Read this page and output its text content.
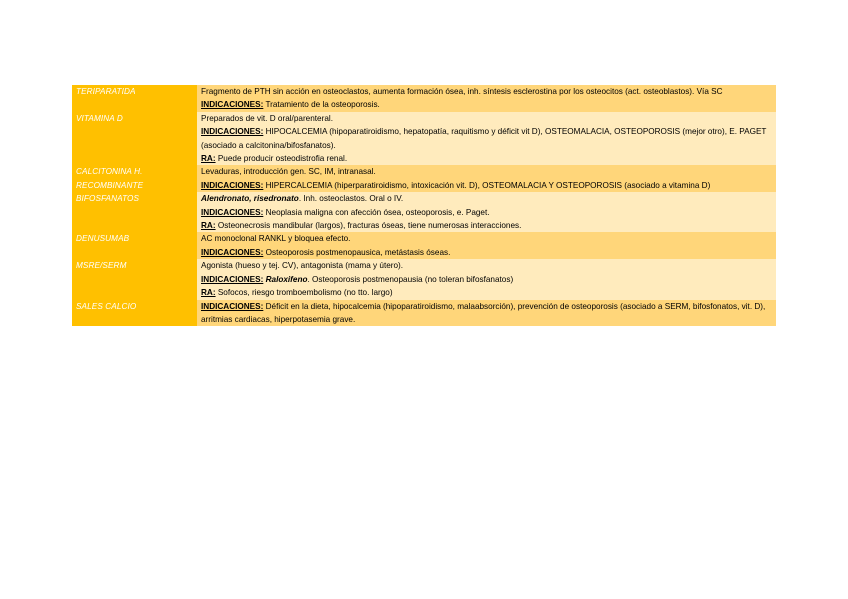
TERIPARATIDA	Fragmento de PTH sin acción en osteoclastos, aumenta formación ósea, inh. síntesis esclerostina por los osteocitos (act. osteoblastos). Vía SC
INDICACIONES: Tratamiento de la osteoporosis.

VITAMINA D	Preparados de vit. D oral/parenteral.
INDICACIONES: HIPOCALCEMIA (hipoparatiroidismo, hepatopatía, raquitismo y déficit vit D), OSTEOMALACIA, OSTEOPOROSIS (mejor otro), E. PAGET (asociado a calcitonina/bifosfanatos).
RA: Puede producir osteodistrofia renal.

CALCITONINA H. RECOMBINANTE	Levaduras, introducción gen. SC, IM, intranasal.
INDICACIONES: HIPERCALCEMIA (hiperparatiroidismo, intoxicación vit. D), OSTEOMALACIA Y OSTEOPOROSIS (asociado a vitamina D)

BIFOSFANATOS	Alendronato, risedronato. Inh. osteoclastos. Oral o IV.
INDICACIONES: Neoplasia maligna con afección ósea, osteoporosis, e. Paget.
RA: Osteonecrosis mandibular (largos), fracturas óseas, tiene numerosas interacciones.

DENUSUMAB	AC monoclonal RANKL y bloquea efecto.
INDICACIONES: Osteoporosis postmenopausica, metástasis óseas.

MSRE/SERM	Agonista (hueso y tej. CV), antagonista (mama y útero).
INDICACIONES: Raloxifeno. Osteoporosis postmenopausia (no toleran bifosfanatos)
RA: Sofocos, riesgo tromboembolismo (no tto. largo)

SALES CALCIO	INDICACIONES: Déficit en la dieta, hipocalcemia (hipoparatiroidismo, malaabsorción), prevención de osteoporosis (asociado a SERM, bifosfonatos, vit. D), arritmias cardiacas, hiperpotasemia grave.
